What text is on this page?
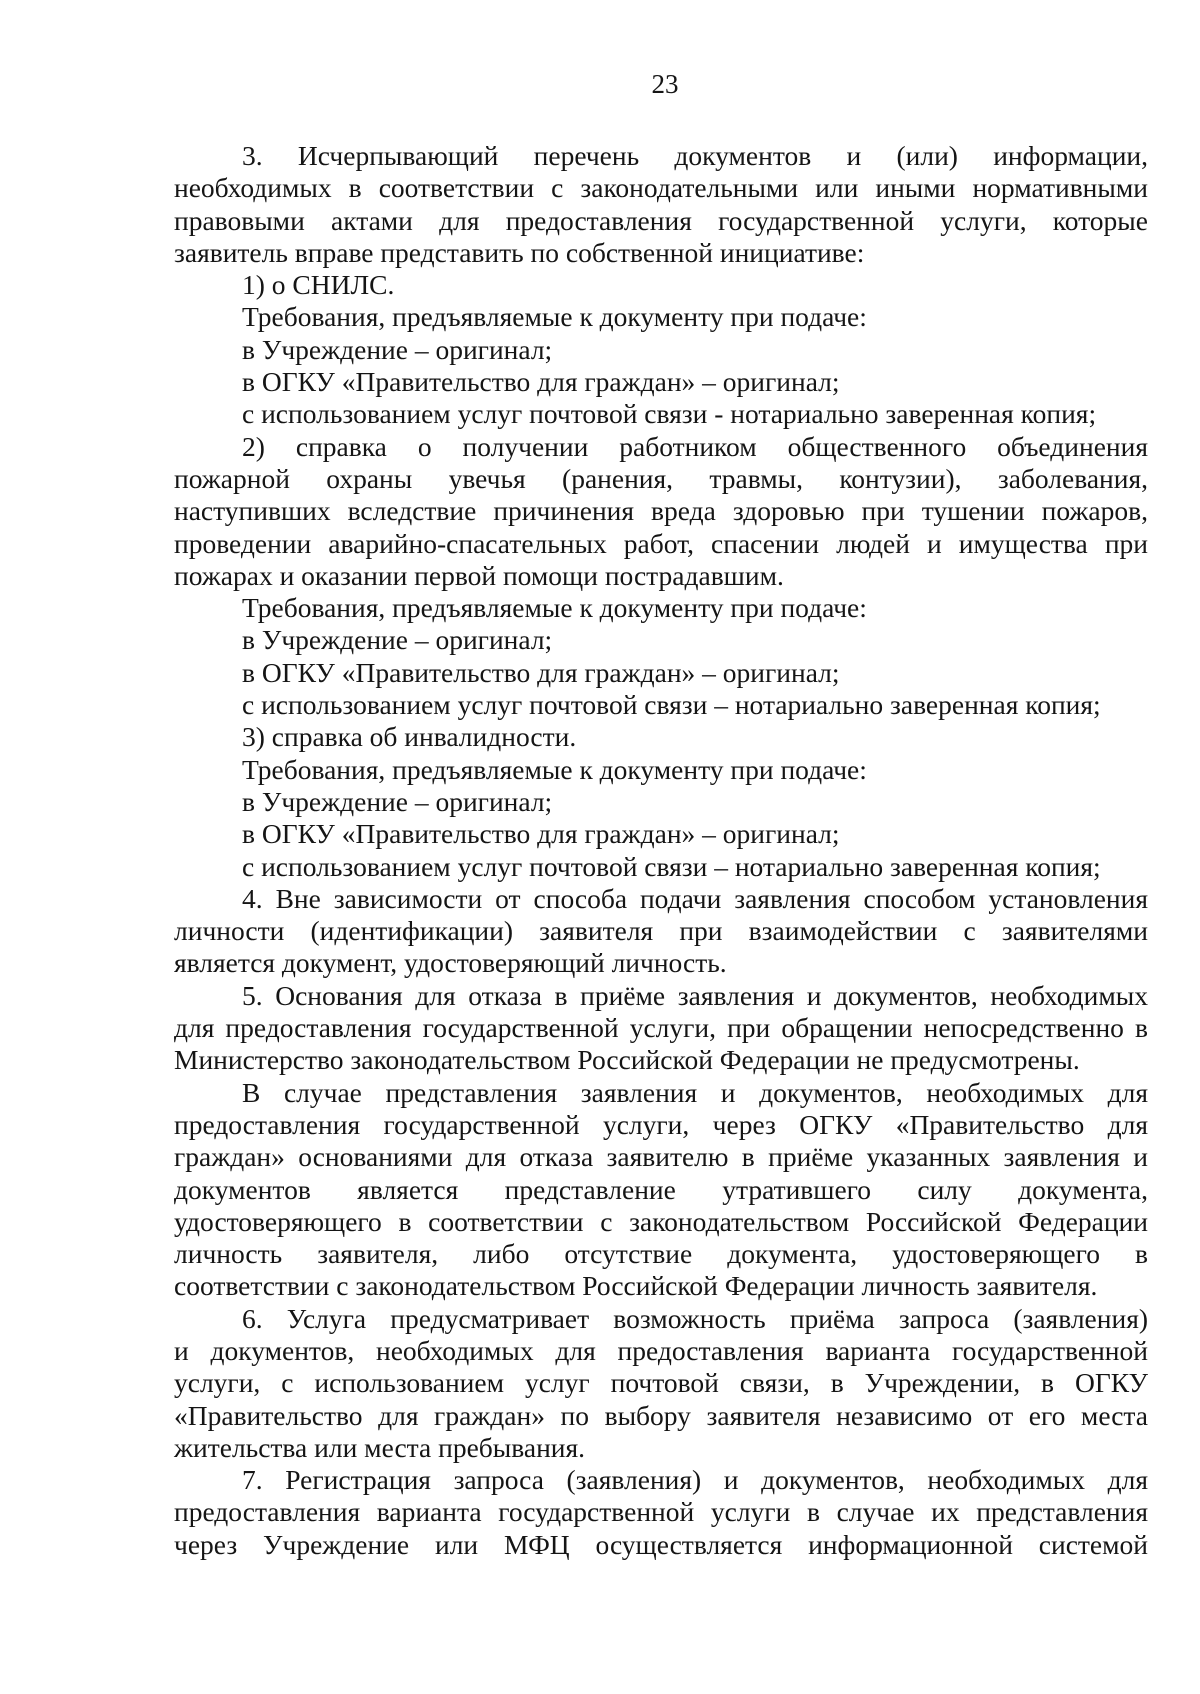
23
3. Исчерпывающий перечень документов и (или) информации,
необходимых в соответствии с законодательными или иными нормативными
правовыми актами для предоставления государственной услуги, которые
заявитель вправе представить по собственной инициативе:
1) о СНИЛС.
Требования, предъявляемые к документу при подаче:
в Учреждение – оригинал;
в ОГКУ «Правительство для граждан» – оригинал;
с использованием услуг почтовой связи - нотариально заверенная копия;
2) справка о получении работником общественного объединения
пожарной охраны увечья (ранения, травмы, контузии), заболевания,
наступивших вследствие причинения вреда здоровью при тушении пожаров,
проведении аварийно-спасательных работ, спасении людей и имущества при
пожарах и оказании первой помощи пострадавшим.
Требования, предъявляемые к документу при подаче:
в Учреждение – оригинал;
в ОГКУ «Правительство для граждан» – оригинал;
с использованием услуг почтовой связи – нотариально заверенная копия;
3) справка об инвалидности.
Требования, предъявляемые к документу при подаче:
в Учреждение – оригинал;
в ОГКУ «Правительство для граждан» – оригинал;
с использованием услуг почтовой связи – нотариально заверенная копия;
4. Вне зависимости от способа подачи заявления способом установления
личности (идентификации) заявителя при взаимодействии с заявителями
является документ, удостоверяющий личность.
5. Основания для отказа в приёме заявления и документов, необходимых
для предоставления государственной услуги, при обращении непосредственно в
Министерство законодательством Российской Федерации не предусмотрены.
В случае представления заявления и документов, необходимых для
предоставления государственной услуги, через ОГКУ «Правительство для
граждан» основаниями для отказа заявителю в приёме указанных заявления и
документов является представление утратившего силу документа,
удостоверяющего в соответствии с законодательством Российской Федерации
личность заявителя, либо отсутствие документа, удостоверяющего в
соответствии с законодательством Российской Федерации личность заявителя.
6. Услуга предусматривает возможность приёма запроса (заявления)
и документов, необходимых для предоставления варианта государственной
услуги, с использованием услуг почтовой связи, в Учреждении, в ОГКУ
«Правительство для граждан» по выбору заявителя независимо от его места
жительства или места пребывания.
7. Регистрация запроса (заявления) и документов, необходимых для
предоставления варианта государственной услуги в случае их представления
через Учреждение или МФЦ осуществляется информационной системой
